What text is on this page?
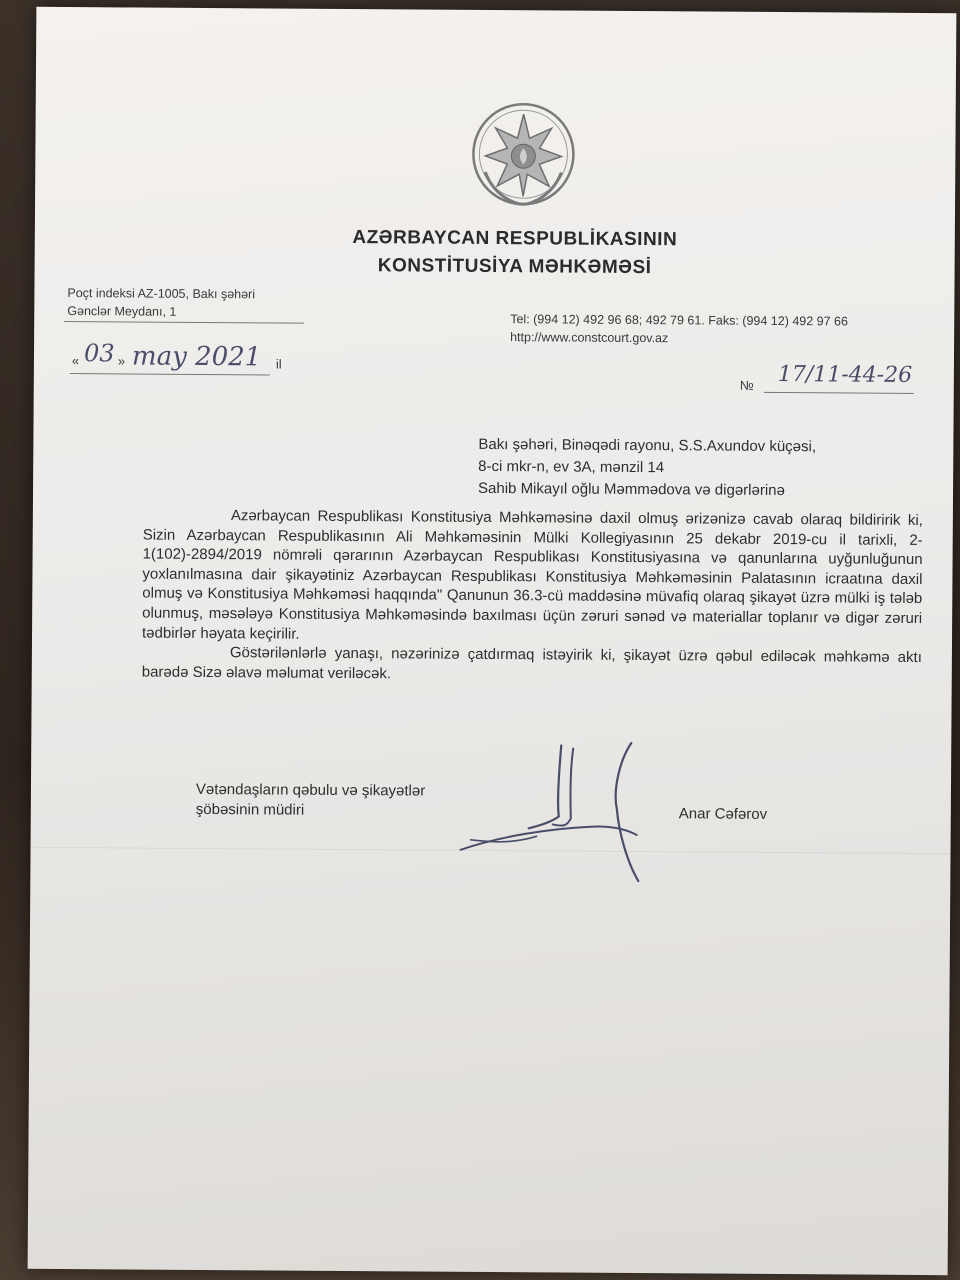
AZƏRBAYCAN RESPUBLİKASININ
KONSTİTUSİYA MƏHKƏMƏSİ
Poçt indeksi AZ-1005, Bakı şəhəri
Gənclər Meydanı, 1
Tel: (994 12) 492 96 68; 492 79 61. Faks: (994 12) 492 97 66
http://www.constcourt.gov.az
« 03 » may 2021 il
№ 17/11-44-26
Bakı şəhəri, Binəqədi rayonu, S.S.Axundov küçəsi,
8-ci mkr-n, ev 3A, mənzil 14
Sahib Mikayıl oğlu Məmmədova və digərlərinə

Azərbaycan Respublikası Konstitusiya Məhkəməsinə daxil olmuş ərizənizə cavab olaraq bildiririk ki, Sizin Azərbaycan Respublikasının Ali Məhkəməsinin Mülki Kollegiyasının 25 dekabr 2019-cu il tarixli, 2-1(102)-2894/2019 nömrəli qərarının Azərbaycan Respublikası Konstitusiyasına və qanunlarına uyğunluğunun yoxlanılmasına dair şikayətiniz Azərbaycan Respublikası Konstitusiya Məhkəməsinin Palatasının icraatına daxil olmuş və Konstitusiya Məhkəməsi haqqında" Qanunun 36.3-cü maddəsinə müvafiq olaraq şikayət üzrə mülki iş tələb olunmuş, məsələyə Konstitusiya Məhkəməsində baxılması üçün zəruri sənəd və materiallar toplanır və digər zəruri tədbirlər həyata keçirilir.

Göstərilənlərlə yanaşı, nəzərinizə çatdırmaq istəyirik ki, şikayət üzrə qəbul ediləcək məhkəmə aktı barədə Sizə əlavə məlumat veriləcək.

Vətəndaşların qəbulu və şikayətlər
şöbəsinin müdiri	Anar Cəfərov
